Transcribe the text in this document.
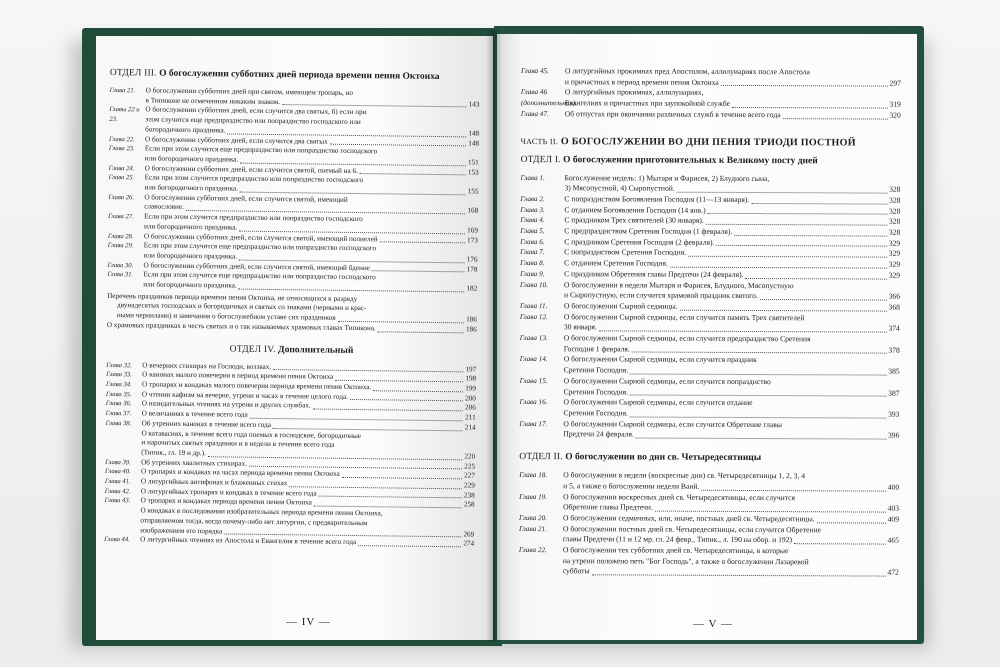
ОТДЕЛ III. О богослужении субботних дней периода времени пения Октоиха
Глава 21.	О богослужении субботних дней при святом, имеющем тропарь, но
в Типиконе не отмеченном никаким знаком.	143
Главы 22 и 23.
О богослужении субботних дней, если случится два святых, б) если при
этом случится еще предпразднство или попразднство господского или
богородичного праздника.	148
Глава 22.	О богослужении субботних дней, если случится два святых	148
Глава 23.	Если при этом случится еще предпразднство или попразднство господского
или богородичного праздника.	151
Глава 24.	О богослужении субботних дней, если случится святой, поемый на 6.	153
Глава 25.	Если при этом случится предпразднство или попразднство господского
или богородичного праздника.	155
Глава 26.	О богослужении субботних дней, если случится святой, имеющий
славословие.	168
Глава 27.	Если при этом случится предпразднство или попразднство господского
или богородичного праздника.	169
Глава 28.	О богослужении субботних дней, если случится святой, имеющий полиелей	173
Глава 29.	Если при этом случится еще предпразднство или попразднство господского
или богородичного праздника.	176
Глава 30.	О богослужении субботних дней, если случится святой, имеющий бдение	178
Глава 31.	Если при этом случится еще предпразднство или попразднство господского
или богородичного праздника.	182
Перечень праздников периода времени пения Октоиха, не относящихся к разряду
двунадесятых господских и богородичных и святых со знаками (черными и крас-
ными чернилами) и замечания о богослужебном уставе сих праздников	186
О храмовых праздниках в честь святых и о так называемых храмовых главах Типикона.	186
ОТДЕЛ IV. Дополнительный
Глава 32.	О вечерних стихирах на Господи, воззвах.	197
Глава 33.	О канонах малого повечерия в период времени пения Октоиха	198
Глава 34.	О тропарях и кондаках малого повечерия периода времени пения Октоиха.	199
Глава 35.	О чтении кафизм на вечерне, утрени и часах в течение целого года.	200
Глава 36.	О назидательных чтениях на утрени и других службах.	206
Глава 37.	О величаниях в течение всего года	211
Глава 38.	Об утренних канонах в течение всего года	214
О катавасиях, в течение всего года поемых в господские, богородичные
и нарочитых святых праздники и в недели в течение всего года
(Типик., гл. 19 и др.).	220
Глава 39.	Об утренних хвалитных стихирах.	225
Глава 40.	О тропарях и кондаках на часах периода времени пения Октоиха	227
Глава 41.	О литургийных антифонах и блаженных стихах	229
Глава 42.	О литургийных тропарях и кондаках в течение всего года	238
Глава 43.	О тропарях и кондаках периода времени пения Октоиха	258
О кондаках в последовании изобразительных периода времени пения Октоиха,
отправляемом тогда, когда почему-либо нет литургии, с предварительным
изображением его порядка	269
Глава 44.	О литургийных чтениях из Апостола и Евангелия в течение всего года	274
— IV —
Глава 45.	О литургийных прокимнах пред Апостолом, аллилуиариях после Апостола
и причастных в период времени пения Октоиха	297
Глава 46 (дополнительная).
О литургийных прокимнах, аллилуиариях,
Евангелиях и причастных при заупокойной службе	319
Глава 47.	Об отпустах при окончании различных служб в течение всего года	320
ЧАСТЬ II. О БОГОСЛУЖЕНИИ ВО ДНИ ПЕНИЯ ТРИОДИ ПОСТНОЙ
ОТДЕЛ I. О богослужении приготовительных к Великому посту дней
Глава 1.	Богослужение недель: 1) Мытаря и Фарисея, 2) Блудного сына,
3) Мясопустной, 4) Сыропустной.	328
Глава 2.	С попразднством Богоявления Господня (11—13 января).	328
Глава 3.	С отданием Богоявления Господня (14 янв.)	328
Глава 4.	С праздником Трех святителей (30 января).	328
Глава 5.	С предпразднством Сретения Господня (1 февраля).	328
Глава 6.	С праздником Сретения Господня (2 февраля).	329
Глава 7.	С попразднством Сретения Господня.	329
Глава 8.	С отданием Сретения Господня.	329
Глава 9.	С праздником Обретения главы Предтечи (24 февраля).	329
Глава 10.	О богослужении в недели Мытаря и Фарисея, Блудного, Мясопустную
и Сыропустную, если случится храмовой праздник святого.	366
Глава 11.	О богослужении Сырной седмицы.	368
Глава 12.	О богослужении Сырной седмицы, если случится память Трех святителей
30 января.	374
Глава 13.	О богослужении Сырной седмицы, если случится предпразднство Сретения
Господня 1 февраля.	378
Глава 14.	О богослужении Сырной седмицы, если случится праздник
Сретения Господня.	385
Глава 15.	О богослужении Сырной седмицы, если случится попразднство
Сретения Господня.	387
Глава 16.	О богослужении Сырной седмицы, если случится отдание
Сретения Господня.	393
Глава 17.	О богослужении Сырной седмицы, если случится Обретение главы
Предтечи 24 февраля.	396
ОТДЕЛ II. О богослужении во дни св. Четыредесятницы
Глава 18.	О богослужении в недели (воскресные дни) св. Четыредесятницы 1, 2, 3, 4
и 5, а также о богослужении недели Ваий.	400
Глава 19.	О богослужении воскресных дней св. Четыредесятницы, если случится
Обретение главы Предтечи.	403
Глава 20.	О богослужении седмичных, или, иначе, постных дней св. Четыредесятницы.	409
Глава 21.	О богослужении постных дней св. Четыредесятницы, если случится Обретение
главы Предтечи (11 и 12 мр. гл. 24 февр., Типик., л. 190 на обор. и 192)	465
Глава 22.	О богослужении тех субботних дней св. Четыредесятницы, в которые
на утрени положено петь "Бог Господь", а также о богослужении Лазаревой
субботы	472
— V —
